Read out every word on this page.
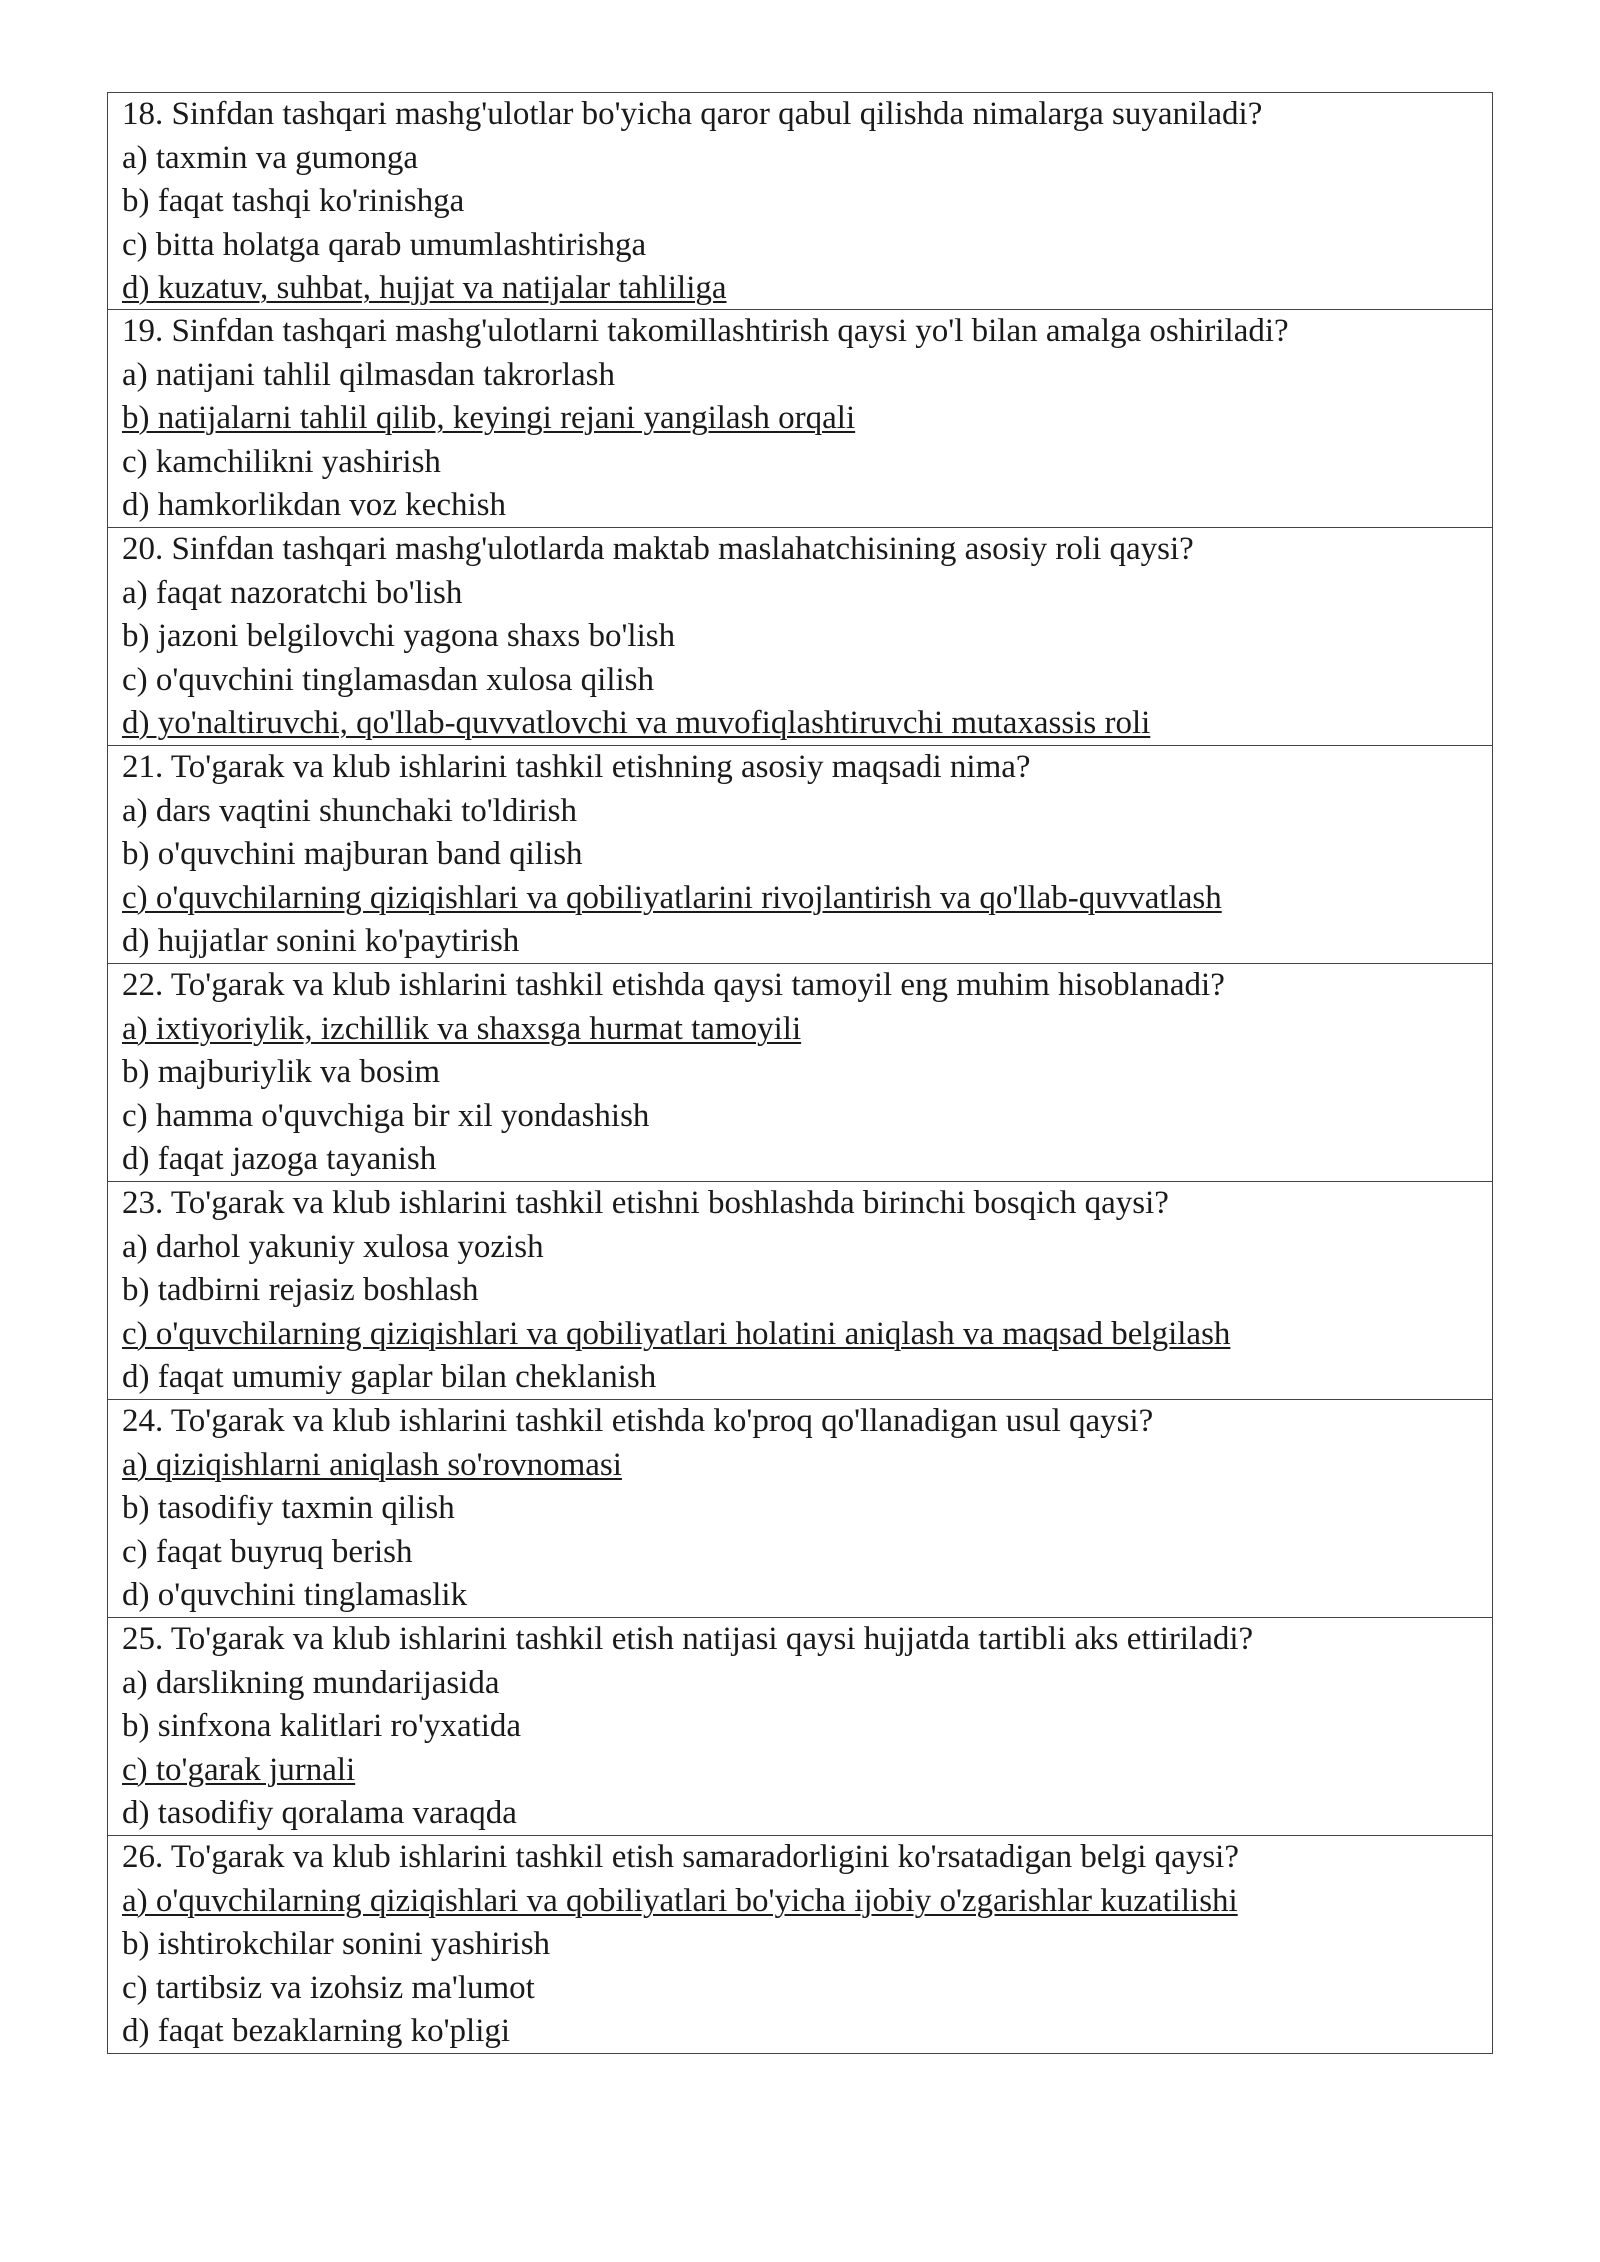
18. Sinfdan tashqari mashg'ulotlar bo'yicha qaror qabul qilishda nimalarga suyaniladi?
a) taxmin va gumonga
b) faqat tashqi ko'rinishga
c) bitta holatga qarab umumlashtirishga
d) kuzatuv, suhbat, hujjat va natijalar tahliliga
19. Sinfdan tashqari mashg'ulotlarni takomillashtirish qaysi yo'l bilan amalga oshiriladi?
a) natijani tahlil qilmasdan takrorlash
b) natijalarni tahlil qilib, keyingi rejani yangilash orqali
c) kamchilikni yashirish
d) hamkorlikdan voz kechish
20. Sinfdan tashqari mashg'ulotlarda maktab maslahatchisining asosiy roli qaysi?
a) faqat nazoratchi bo'lish
b) jazoni belgilovchi yagona shaxs bo'lish
c) o'quvchini tinglamasdan xulosa qilish
d) yo'naltiruvchi, qo'llab-quvvatlovchi va muvofiqlashtiruvchi mutaxassis roli
21. To'garak va klub ishlarini tashkil etishning asosiy maqsadi nima?
a) dars vaqtini shunchaki to'ldirish
b) o'quvchini majburan band qilish
c) o'quvchilarning qiziqishlari va qobiliyatlarini rivojlantirish va qo'llab-quvvatlash
d) hujjatlar sonini ko'paytirish
22. To'garak va klub ishlarini tashkil etishda qaysi tamoyil eng muhim hisoblanadi?
a) ixtiyoriylik, izchillik va shaxsga hurmat tamoyili
b) majburiylik va bosim
c) hamma o'quvchiga bir xil yondashish
d) faqat jazoga tayanish
23. To'garak va klub ishlarini tashkil etishni boshlashda birinchi bosqich qaysi?
a) darhol yakuniy xulosa yozish
b) tadbirni rejasiz boshlash
c) o'quvchilarning qiziqishlari va qobiliyatlari holatini aniqlash va maqsad belgilash
d) faqat umumiy gaplar bilan cheklanish
24. To'garak va klub ishlarini tashkil etishda ko'proq qo'llanadigan usul qaysi?
a) qiziqishlarni aniqlash so'rovnomasi
b) tasodifiy taxmin qilish
c) faqat buyruq berish
d) o'quvchini tinglamaslik
25. To'garak va klub ishlarini tashkil etish natijasi qaysi hujjatda tartibli aks ettiriladi?
a) darslikning mundarijasida
b) sinfxona kalitlari ro'yxatida
c) to'garak jurnali
d) tasodifiy qoralama varaqda
26. To'garak va klub ishlarini tashkil etish samaradorligini ko'rsatadigan belgi qaysi?
a) o'quvchilarning qiziqishlari va qobiliyatlari bo'yicha ijobiy o'zgarishlar kuzatilishi
b) ishtirokchilar sonini yashirish
c) tartibsiz va izohsiz ma'lumot
d) faqat bezaklarning ko'pligi
